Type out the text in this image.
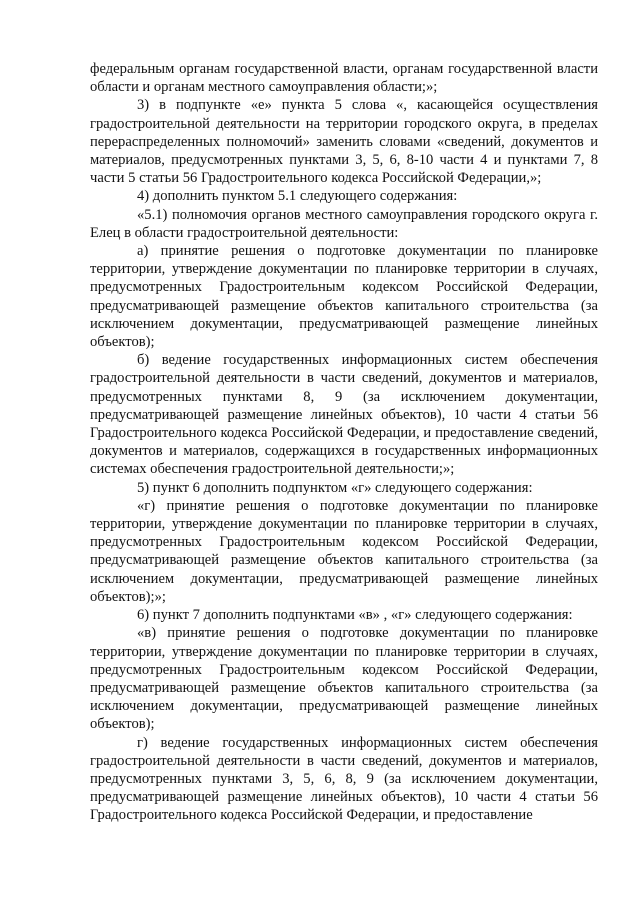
федеральным органам государственной власти, органам государственной власти области и органам местного самоуправления области;»;

3) в подпункте «е» пункта 5 слова «, касающейся осуществления градостроительной деятельности на территории городского округа, в пределах перераспределенных полномочий» заменить словами «сведений, документов и материалов, предусмотренных пунктами 3, 5, 6, 8-10 части 4 и пунктами 7, 8 части 5 статьи 56 Градостроительного кодекса Российской Федерации,»;

4) дополнить пунктом 5.1 следующего содержания:

«5.1) полномочия органов местного самоуправления городского округа г. Елец в области градостроительной деятельности:

а) принятие решения о подготовке документации по планировке территории, утверждение документации по планировке территории в случаях, предусмотренных Градостроительным кодексом Российской Федерации, предусматривающей размещение объектов капитального строительства (за исключением документации, предусматривающей размещение линейных объектов);

б) ведение государственных информационных систем обеспечения градостроительной деятельности в части сведений, документов и материалов, предусмотренных пунктами 8, 9 (за исключением документации, предусматривающей размещение линейных объектов), 10 части 4 статьи 56 Градостроительного кодекса Российской Федерации, и предоставление сведений, документов и материалов, содержащихся в государственных информационных системах обеспечения градостроительной деятельности;»;

5) пункт 6 дополнить подпунктом «г» следующего содержания:

«г) принятие решения о подготовке документации по планировке территории, утверждение документации по планировке территории в случаях, предусмотренных Градостроительным кодексом Российской Федерации, предусматривающей размещение объектов капитального строительства (за исключением документации, предусматривающей размещение линейных объектов);»;

6) пункт 7 дополнить подпунктами «в» , «г» следующего содержания:

«в) принятие решения о подготовке документации по планировке территории, утверждение документации по планировке территории в случаях, предусмотренных Градостроительным кодексом Российской Федерации, предусматривающей размещение объектов капитального строительства (за исключением документации, предусматривающей размещение линейных объектов);

г) ведение государственных информационных систем обеспечения градостроительной деятельности в части сведений, документов и материалов, предусмотренных пунктами 3, 5, 6, 8, 9 (за исключением документации, предусматривающей размещение линейных объектов), 10 части 4 статьи 56 Градостроительного кодекса Российской Федерации, и предоставление
